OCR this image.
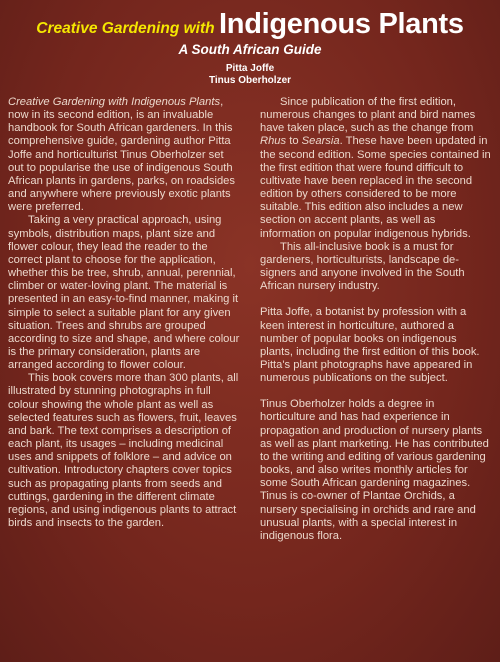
Creative Gardening with Indigenous Plants
A South African Guide
Pitta Joffe
Tinus Oberholzer

Creative Gardening with Indigenous Plants, now in its second edition, is an invaluable handbook for South African gardeners. In this comprehensive guide, gardening author Pitta Joffe and horticulturist Tinus Oberholzer set out to popularise the use of indigenous South African plants in gardens, parks, on roadsides and anywhere where previously exotic plants were preferred.

Taking a very practical approach, using symbols, distribution maps, plant size and flower colour, they lead the reader to the correct plant to choose for the application, whether this be tree, shrub, annual, perennial, climber or water-loving plant. The material is presented in an easy-to-find manner, making it simple to select a suitable plant for any given situation. Trees and shrubs are grouped according to size and shape, and where colour is the primary consideration, plants are arranged according to flower colour.

This book covers more than 300 plants, all illustrated by stunning photographs in full colour showing the whole plant as well as selected features such as flowers, fruit, leaves and bark. The text comprises a description of each plant, its usages – including medicinal uses and snippets of folklore – and advice on cultivation. Introductory chapters cover topics such as propagating plants from seeds and cuttings, gardening in the different climate regions, and using indigenous plants to attract birds and insects to the garden.

Since publication of the first edition, numerous changes to plant and bird names have taken place, such as the change from Rhus to Searsia. These have been updated in the second edition. Some species contained in the first edition that were found difficult to cultivate have been replaced in the second edition by others considered to be more suitable. This edition also includes a new section on accent plants, as well as information on popular indigenous hybrids.

This all-inclusive book is a must for gardeners, horticulturists, landscape de-signers and anyone involved in the South African nursery industry.

Pitta Joffe, a botanist by profession with a keen interest in horticulture, authored a number of popular books on indigenous plants, including the first edition of this book. Pitta's plant photographs have appeared in numerous publications on the subject.

Tinus Oberholzer holds a degree in horticulture and has had experience in propagation and production of nursery plants as well as plant marketing. He has contributed to the writing and editing of various gardening books, and also writes monthly articles for some South African gardening magazines. Tinus is co-owner of Plantae Orchids, a nursery specialising in orchids and rare and unusual plants, with a special interest in indigenous flora.
